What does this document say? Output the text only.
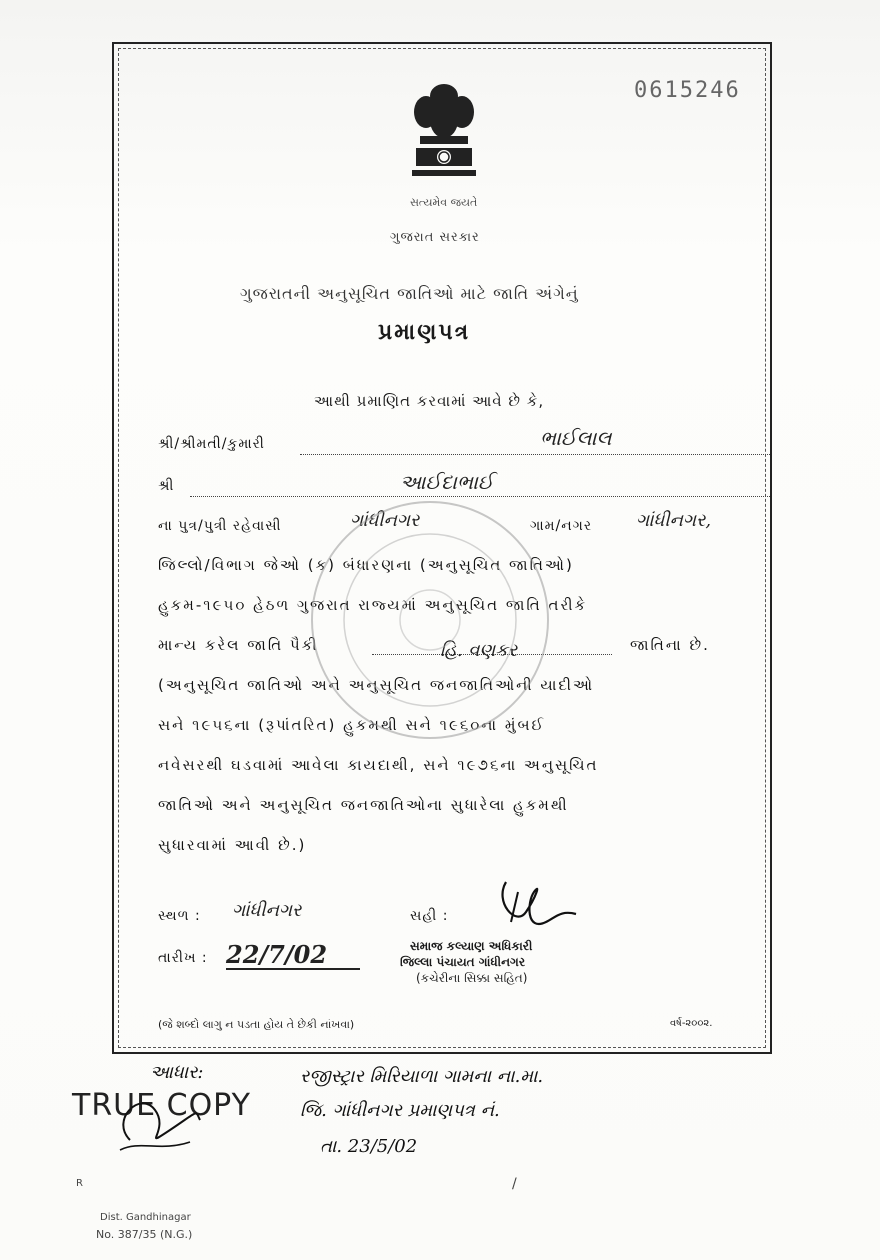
0615246
સત્યમેવ જયતે
ગુજરાત સરકાર
ગુજરાતની અનુસૂચિત જાતિઓ માટે જાતિ અંગેનું
પ્રમાણપત્ર
આથી પ્રમાણિત કરવામાં આવે છે કે,
શ્રી/શ્રીમતી/કુમારી	ભાઈલાલ
શ્રી	આઈદાભાઈ
ના પુત્ર/પુત્રી રહેવાસી	ગાંધીનગર	ગામ/નગર ગાંધીનગર,
જિલ્લો/વિભાગ જેઓ (ક) બંધારણના (અનુસૂચિત જાતિઓ)
હુકમ-૧૯૫૦ હેઠળ ગુજરાત રાજ્યમાં અનુસૂચિત જાતિ તરીકે
માન્ય કરેલ જાતિ પૈકી	હિ. વણકર	જાતિના છે.
(અનુસૂચિત જાતિઓ અને અનુસૂચિત જનજાતિઓની યાદીઓ
સને ૧૯૫૬ના (રૂપાંતરિત) હુકમથી સને ૧૯૬૦ના મુંબઈ
નવેસરથી ઘડવામાં આવેલા કાયદાથી, સને ૧૯૭૬ના અનુસૂચિત
જાતિઓ અને અનુસૂચિત જનજાતિઓના સુધારેલા હુકમથી
સુધારવામાં આવી છે.)
સ્થળ : ગાંધીનગર
તારીખ : 22/7/02
સહી :
સમાજ કલ્યાણ અધિકારી
જિલ્લા પંચાયત ગાંધીનગર
(કચેરીના સિક્કા સહિત)
(જે શબ્દો લાગુ ન પડતા હોય તે છેકી નાંખવા)	વર્ષ-૨૦૦૨.
TRUE COPY
આધાર:	રજીસ્ટ્રાર મિરિયાળા ગામના ના.મા.
જિ. ગાંધીનગર પ્રમાણપત્ર નં.
તા. 23/5/02
R	/
Dist. Gandhinagar
No. 387/35 (N.G.)
